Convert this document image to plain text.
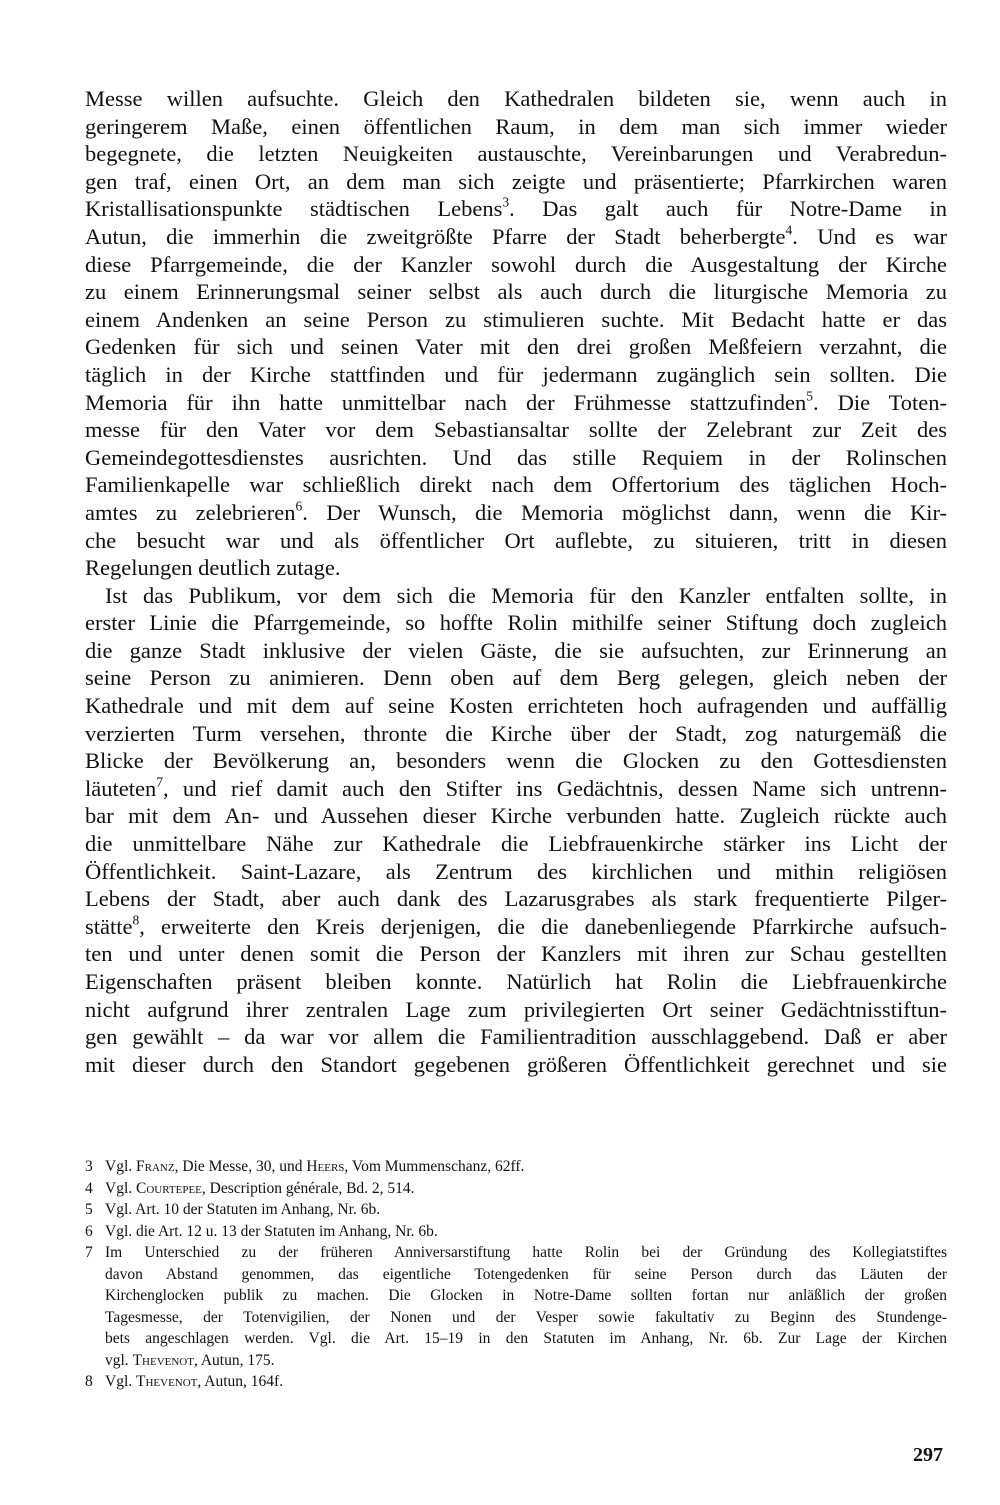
Messe willen aufsuchte. Gleich den Kathedralen bildeten sie, wenn auch in
geringerem Maße, einen öffentlichen Raum, in dem man sich immer wieder
begegnete, die letzten Neuigkeiten austauschte, Vereinbarungen und Verabredun-
gen traf, einen Ort, an dem man sich zeigte und präsentierte; Pfarrkirchen waren
Kristallisationspunkte städtischen Lebens$^3$. Das galt auch für Notre-Dame in
Autun, die immerhin die zweitgrößte Pfarre der Stadt beherbergte$^4$. Und es war
diese Pfarrgemeinde, die der Kanzler sowohl durch die Ausgestaltung der Kirche
zu einem Erinnerungsmal seiner selbst als auch durch die liturgische Memoria zu
einem Andenken an seine Person zu stimulieren suchte. Mit Bedacht hatte er das
Gedenken für sich und seinen Vater mit den drei großen Meßfeiern verzahnt, die
täglich in der Kirche stattfinden und für jedermann zugänglich sein sollten. Die
Memoria für ihn hatte unmittelbar nach der Frühmesse stattzufinden$^5$. Die Toten-
messe für den Vater vor dem Sebastiansaltar sollte der Zelebrant zur Zeit des
Gemeindegottesdienstes ausrichten. Und das stille Requiem in der Rolinschen
Familienkapelle war schließlich direkt nach dem Offertorium des täglichen Hoch-
amtes zu zelebrieren$^6$. Der Wunsch, die Memoria möglichst dann, wenn die Kir-
che besucht war und als öffentlicher Ort auflebte, zu situieren, tritt in diesen
Regelungen deutlich zutage.
Ist das Publikum, vor dem sich die Memoria für den Kanzler entfalten sollte, in
erster Linie die Pfarrgemeinde, so hoffte Rolin mithilfe seiner Stiftung doch zugleich
die ganze Stadt inklusive der vielen Gäste, die sie aufsuchten, zur Erinnerung an
seine Person zu animieren. Denn oben auf dem Berg gelegen, gleich neben der
Kathedrale und mit dem auf seine Kosten errichteten hoch aufragenden und auffällig
verzierten Turm versehen, thronte die Kirche über der Stadt, zog naturgemäß die
Blicke der Bevölkerung an, besonders wenn die Glocken zu den Gottesdiensten
läuteten$^7$, und rief damit auch den Stifter ins Gedächtnis, dessen Name sich untrenn-
bar mit dem An- und Aussehen dieser Kirche verbunden hatte. Zugleich rückte auch
die unmittelbare Nähe zur Kathedrale die Liebfrauenkirche stärker ins Licht der
Öffentlichkeit. Saint-Lazare, als Zentrum des kirchlichen und mithin religiösen
Lebens der Stadt, aber auch dank des Lazarusgrabes als stark frequentierte Pilger-
stätte$^8$, erweiterte den Kreis derjenigen, die die danebenliegende Pfarrkirche aufsuch-
ten und unter denen somit die Person der Kanzlers mit ihren zur Schau gestellten
Eigenschaften präsent bleiben konnte. Natürlich hat Rolin die Liebfrauenkirche
nicht aufgrund ihrer zentralen Lage zum privilegierten Ort seiner Gedächtnisstiftun-
gen gewählt – da war vor allem die Familientradition ausschlaggebend. Daß er aber
mit dieser durch den Standort gegebenen größeren Öffentlichkeit gerechnet und sie
3 Vgl. Franz, Die Messe, 30, und Heers, Vom Mummenschanz, 62ff.
4 Vgl. Courtepee, Description générale, Bd. 2, 514.
5 Vgl. Art. 10 der Statuten im Anhang, Nr. 6b.
6 Vgl. die Art. 12 u. 13 der Statuten im Anhang, Nr. 6b.
7 Im Unterschied zu der früheren Anniversarstiftung hatte Rolin bei der Gründung des Kollegiatstiftes
davon Abstand genommen, das eigentliche Totengedenken für seine Person durch das Läuten der
Kirchenglocken publik zu machen. Die Glocken in Notre-Dame sollten fortan nur anläßlich der großen
Tagesmesse, der Totenvigilien, der Nonen und der Vesper sowie fakultativ zu Beginn des Stundenge-
bets angeschlagen werden. Vgl. die Art. 15–19 in den Statuten im Anhang, Nr. 6b. Zur Lage der Kirchen
vgl. Thevenot, Autun, 175.
8 Vgl. Thevenot, Autun, 164f.
297
